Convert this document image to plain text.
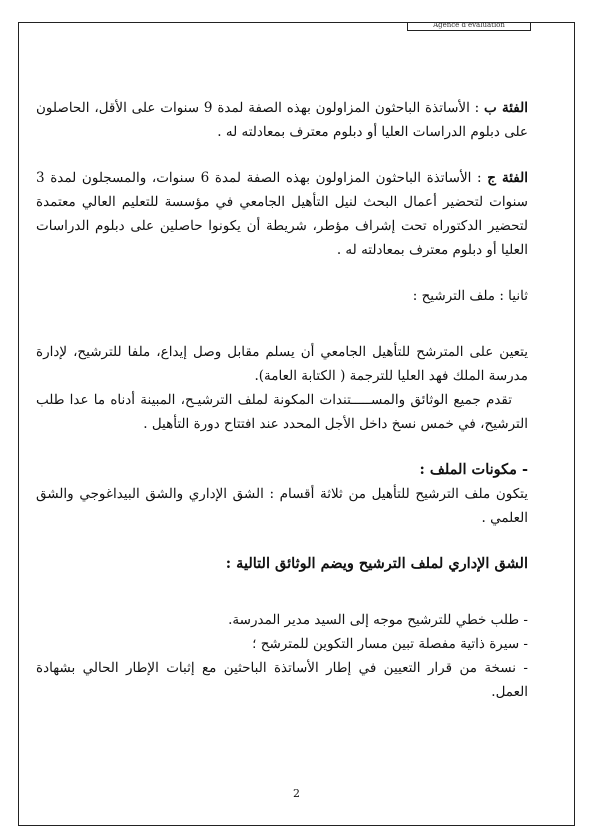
Agence d'évaluation

الفئة ب : الأساتذة الباحثون المزاولون بهذه الصفة لمدة 9 سنوات على الأقل، الحاصلون على دبلوم الدراسات العليا أو دبلوم معترف بمعادلته له .

الفئة ج : الأساتذة الباحثون المزاولون بهذه الصفة لمدة 6 سنوات، والمسجلون لمدة 3 سنوات لتحضير أعمال البحث لنيل التأهيل الجامعي في مؤسسة للتعليم العالي معتمدة لتحضير الدكتوراه تحت إشراف مؤطر، شريطة أن يكونوا حاصلين على دبلوم الدراسات العليا أو دبلوم معترف بمعادلته له .

ثانيا : ملف الترشيح :

يتعين على المترشح للتأهيل الجامعي أن يسلم مقابل وصل إيداع، ملفا للترشيح، لإدارة مدرسة الملك فهد العليا للترجمة ( الكتابة العامة).

تقدم جميع الوثائق والمســـــتندات المكونة لملف الترشيـح، المبينة أدناه ما عدا طلب الترشيح، في خمس نسخ داخل الأجل المحدد عند افتتاح دورة التأهيل .

- مكونات الملف :

يتكون ملف الترشيح للتأهيل من ثلاثة أقسام : الشق الإداري والشق البيداغوجي والشق العلمي .

الشق الإداري لملف الترشيح ويضم الوثائق التالية :

- طلب خطي للترشيح موجه إلى السيد مدير المدرسة.
- سيرة ذاتية مفصلة تبين مسار التكوين للمترشح ؛
- نسخة من قرار التعيين في إطار الأساتذة الباحثين مع إثبات الإطار الحالي بشهادة العمل.
2
